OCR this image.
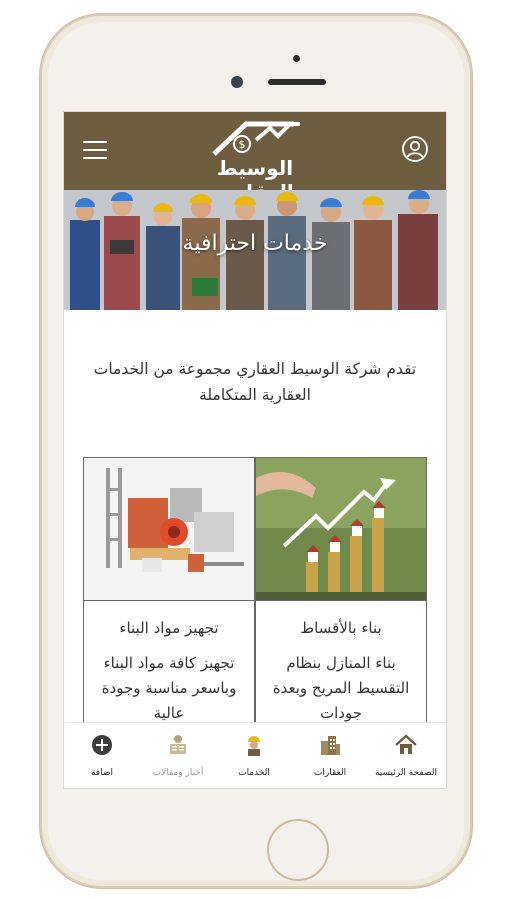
$
الوسيط
خدمات احترافية
تقدم شركة الوسيط العقاري مجموعة من الخدمات العقارية المتكاملة
بناء بالأقساط
بناء المنازل بنظام التقسيط المريح وبعدة جودات
تجهيز مواد البناء
تجهيز كافة مواد البناء وباسعر مناسبة وجودة عالية
الصفحة الرئيسية
العقارات
الخدمات
أخبار ومقالات
اضافة
